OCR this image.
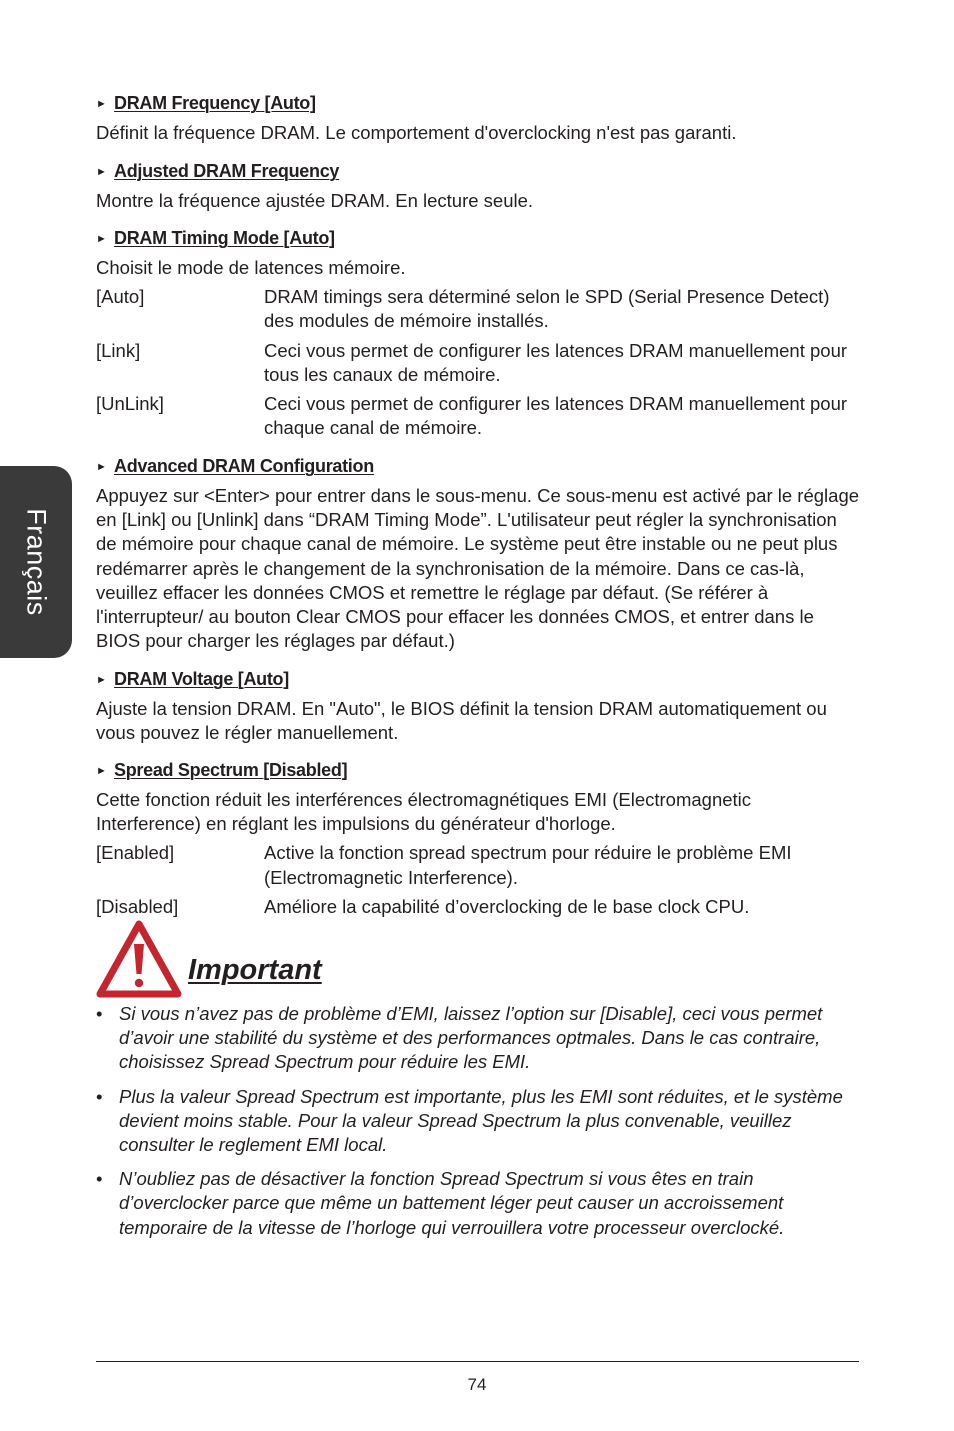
Français
► DRAM Frequency [Auto]
Définit la fréquence DRAM. Le comportement d'overclocking n'est pas garanti.
► Adjusted DRAM Frequency
Montre la fréquence ajustée DRAM. En lecture seule.
► DRAM Timing Mode [Auto]
Choisit le mode de latences mémoire.
[Auto]	DRAM timings sera déterminé selon le SPD (Serial Presence Detect) des modules de mémoire installés.
[Link]	Ceci vous permet de configurer les latences DRAM manuellement pour tous les canaux de mémoire.
[UnLink]	Ceci vous permet de configurer les latences DRAM manuellement pour chaque canal de mémoire.
► Advanced DRAM Configuration
Appuyez sur <Enter> pour entrer dans le sous-menu. Ce sous-menu est activé par le réglage en [Link] ou [Unlink] dans “DRAM Timing Mode”. L'utilisateur peut régler la synchronisation de mémoire pour chaque canal de mémoire. Le système peut être instable ou ne peut plus redémarrer après le changement de la synchronisation de la mémoire. Dans ce cas-là, veuillez effacer les données CMOS et remettre le réglage par défaut. (Se référer à l'interrupteur/ au bouton Clear CMOS pour effacer les données CMOS, et entrer dans le BIOS pour charger les réglages par défaut.)
► DRAM Voltage [Auto]
Ajuste la tension DRAM. En "Auto", le BIOS définit la tension DRAM automatiquement ou vous pouvez le régler manuellement.
► Spread Spectrum [Disabled]
Cette fonction réduit les interférences électromagnétiques EMI (Electromagnetic Interference) en réglant les impulsions du générateur d'horloge.
[Enabled]	Active la fonction spread spectrum pour réduire le problème EMI (Electromagnetic Interference).
[Disabled]	Améliore la capabilité d’overclocking de le base clock CPU.
Important
• Si vous n’avez pas de problème d’EMI, laissez l’option sur [Disable], ceci vous permet d’avoir une stabilité du système et des performances optmales. Dans le cas contraire, choisissez Spread Spectrum pour réduire les EMI.
• Plus la valeur Spread Spectrum est importante, plus les EMI sont réduites, et le système devient moins stable. Pour la valeur Spread Spectrum la plus convenable, veuillez consulter le reglement EMI local.
• N’oubliez pas de désactiver la fonction Spread Spectrum si vous êtes en train d’overclocker parce que même un battement léger peut causer un accroissement temporaire de la vitesse de l’horloge qui verrouillera votre processeur overclocké.
74
